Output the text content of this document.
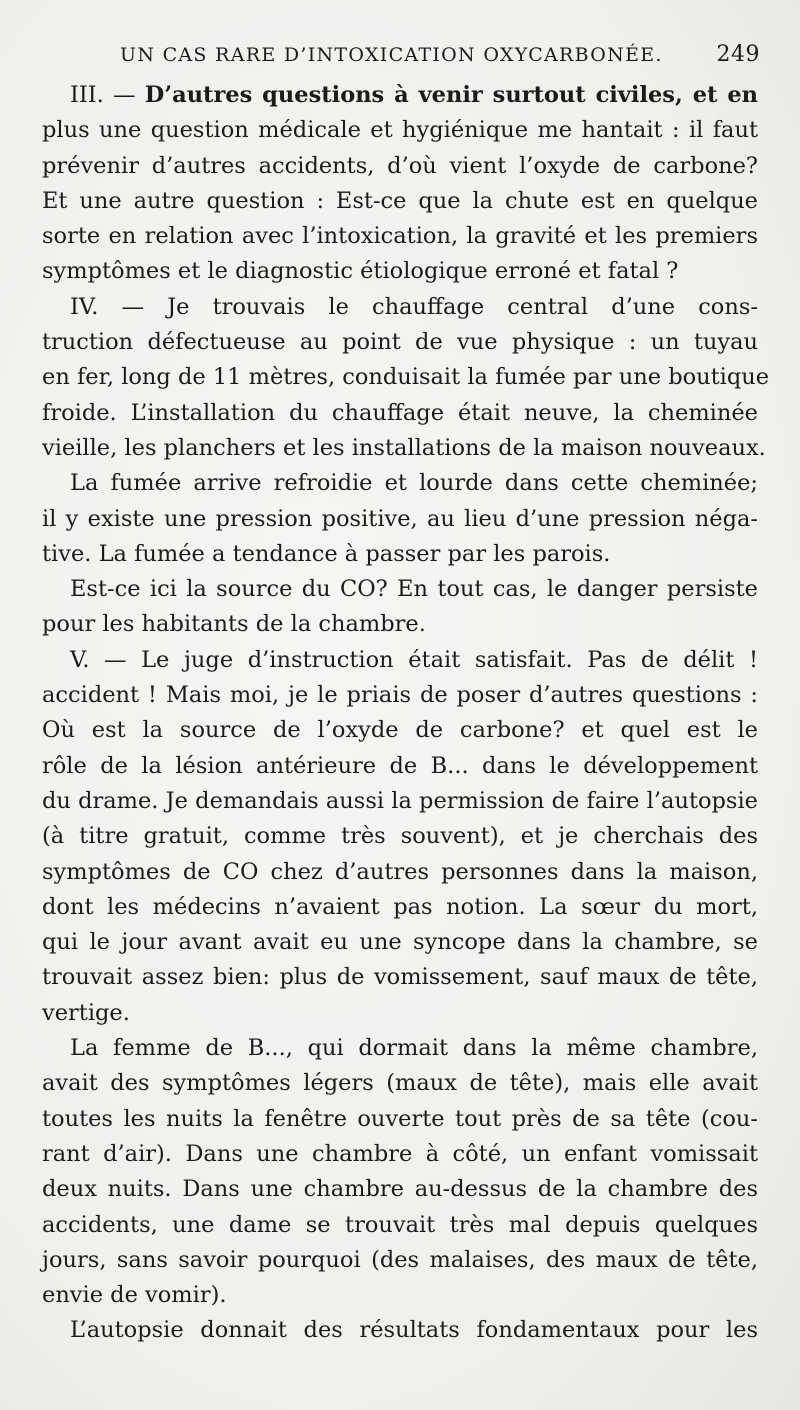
UN CAS RARE D’INTOXICATION OXYCARBONÉE. 249
III. — D’autres questions à venir surtout civiles, et en
plus une question médicale et hygiénique me hantait : il faut
prévenir d’autres accidents, d’où vient l’oxyde de carbone?
Et une autre question : Est-ce que la chute est en quelque
sorte en relation avec l’intoxication, la gravité et les premiers
symptômes et le diagnostic étiologique erroné et fatal ?
IV. — Je trouvais le chauffage central d’une cons-
truction défectueuse au point de vue physique : un tuyau
en fer, long de 11 mètres, conduisait la fumée par une boutique
froide. L’installation du chauffage était neuve, la cheminée
vieille, les planchers et les installations de la maison nouveaux.
La fumée arrive refroidie et lourde dans cette cheminée;
il y existe une pression positive, au lieu d’une pression néga-
tive. La fumée a tendance à passer par les parois.
Est-ce ici la source du CO? En tout cas, le danger persiste
pour les habitants de la chambre.
V. — Le juge d’instruction était satisfait. Pas de délit !
accident ! Mais moi, je le priais de poser d’autres questions :
Où est la source de l’oxyde de carbone? et quel est le
rôle de la lésion antérieure de B... dans le développement
du drame. Je demandais aussi la permission de faire l’autopsie
(à titre gratuit, comme très souvent), et je cherchais des
symptômes de CO chez d’autres personnes dans la maison,
dont les médecins n’avaient pas notion. La sœur du mort,
qui le jour avant avait eu une syncope dans la chambre, se
trouvait assez bien: plus de vomissement, sauf maux de tête,
vertige.
La femme de B..., qui dormait dans la même chambre,
avait des symptômes légers (maux de tête), mais elle avait
toutes les nuits la fenêtre ouverte tout près de sa tête (cou-
rant d’air). Dans une chambre à côté, un enfant vomissait
deux nuits. Dans une chambre au-dessus de la chambre des
accidents, une dame se trouvait très mal depuis quelques
jours, sans savoir pourquoi (des malaises, des maux de tête,
envie de vomir).
L’autopsie donnait des résultats fondamentaux pour les
